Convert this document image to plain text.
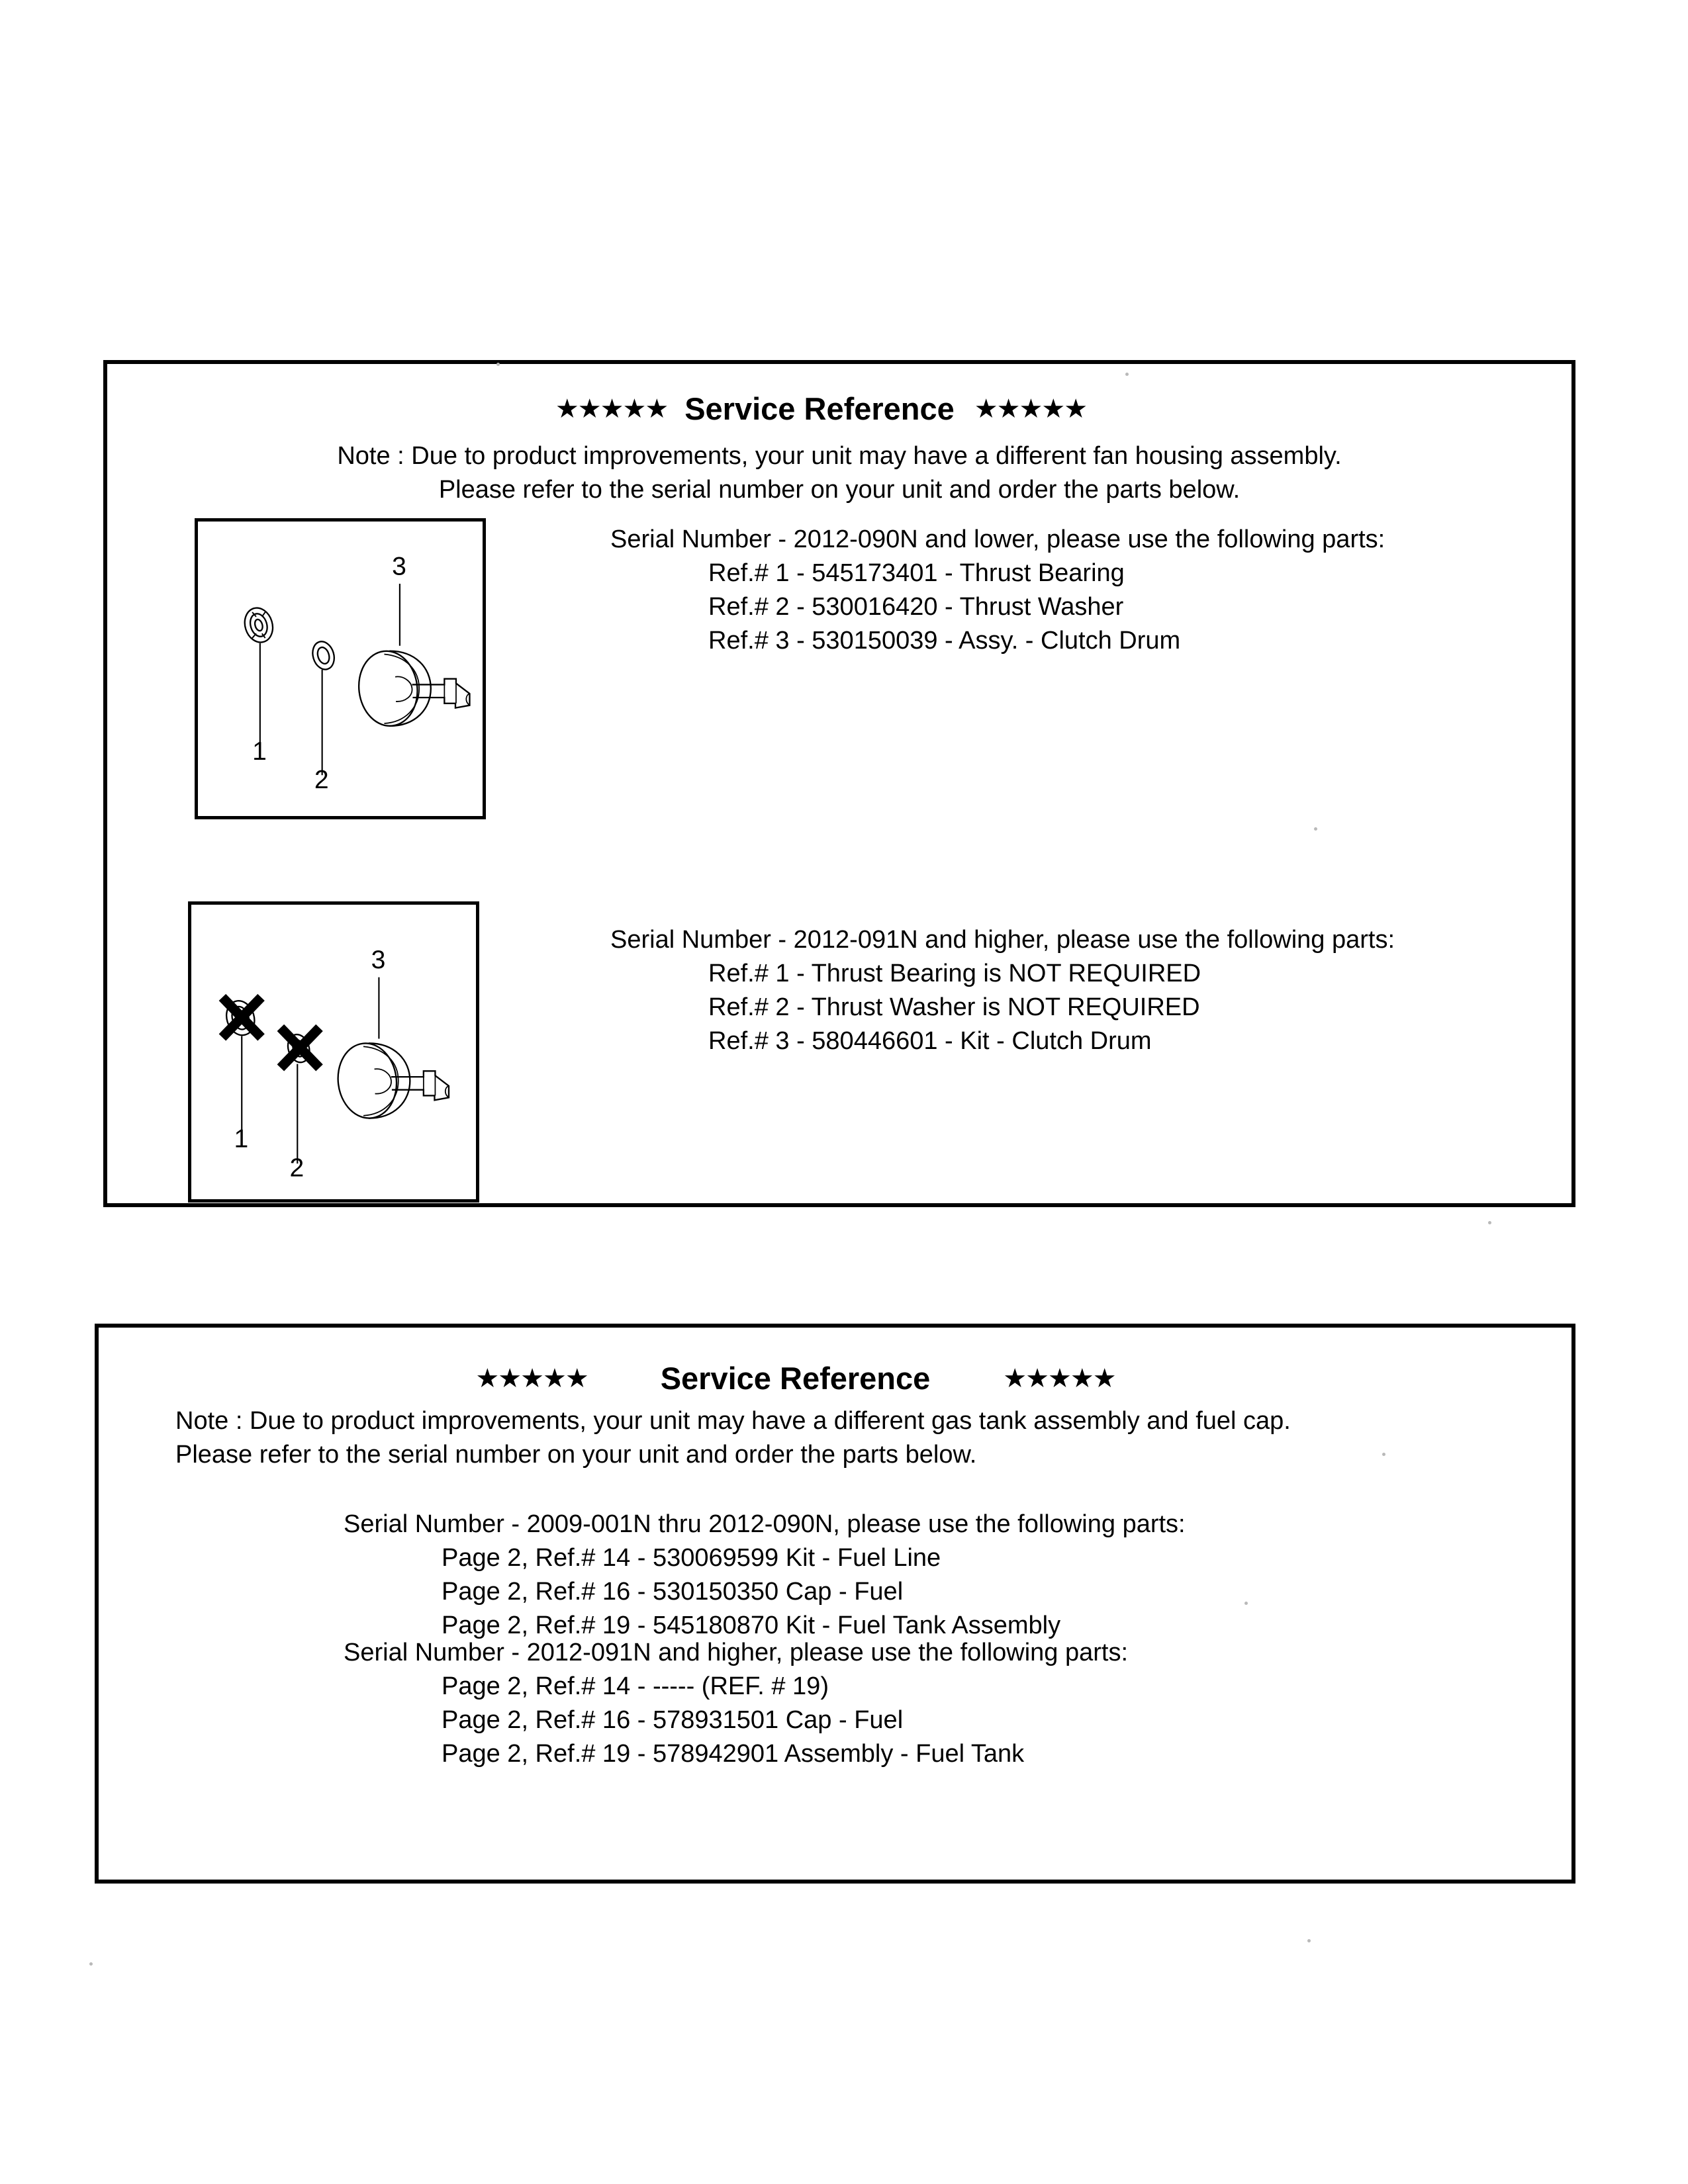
★★★★★ Service Reference ★★★★★
Note : Due to product improvements, your unit may have a different fan housing assembly.
Please refer to the serial number on your unit and order the parts below.
1
2
3
Serial Number - 2012-090N and lower, please use the following parts:
Ref.# 1 - 545173401 - Thrust Bearing
Ref.# 2 - 530016420 - Thrust Washer
Ref.# 3 - 530150039 - Assy. - Clutch Drum
1
2
3
Serial Number - 2012-091N and higher, please use the following parts:
Ref.# 1 - Thrust Bearing is NOT REQUIRED
Ref.# 2 - Thrust Washer is NOT REQUIRED
Ref.# 3 - 580446601 - Kit - Clutch Drum
★★★★★ Service Reference	★★★★★
Note : Due to product improvements, your unit may have a different gas tank assembly and fuel cap.
Please refer to the serial number on your unit and order the parts below.
Serial Number - 2009-001N thru 2012-090N, please use the following parts:
Page 2, Ref.# 14 - 530069599 Kit - Fuel Line
Page 2, Ref.# 16 - 530150350 Cap - Fuel
Page 2, Ref.# 19 - 545180870 Kit - Fuel Tank Assembly
Serial Number - 2012-091N and higher, please use the following parts:
Page 2, Ref.# 14 - ----- (REF. # 19)
Page 2, Ref.# 16 - 578931501 Cap - Fuel
Page 2, Ref.# 19 - 578942901 Assembly - Fuel Tank
